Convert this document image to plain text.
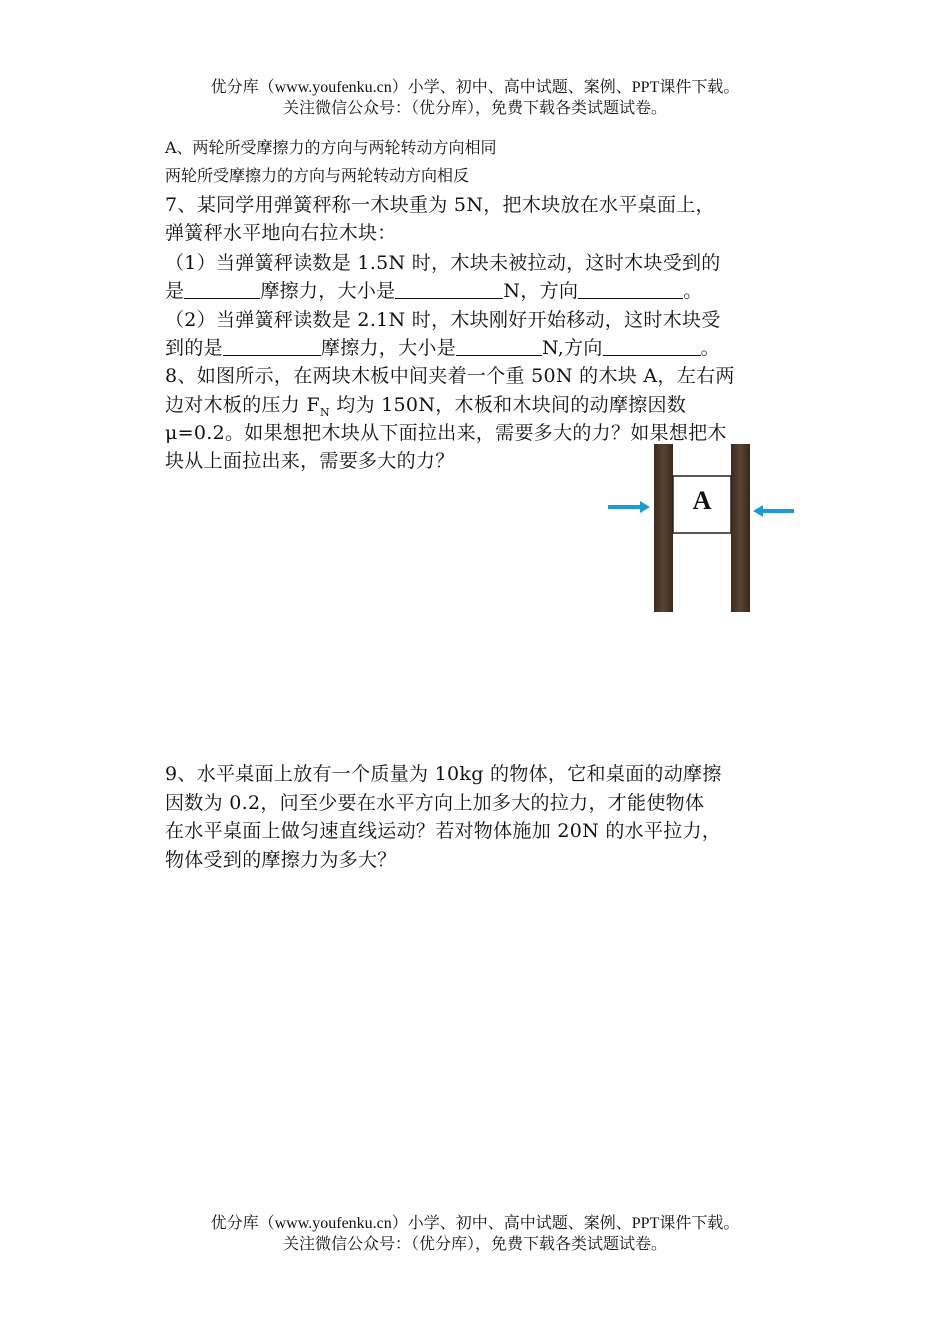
优分库（www.youfenku.cn）小学、初中、高中试题、案例、PPT课件下载。
关注微信公众号：（优分库），免费下载各类试题试卷。
A、两轮所受摩擦力的方向与两轮转动方向相同
两轮所受摩擦力的方向与两轮转动方向相反
7、某同学用弹簧秤称一木块重为 5N，把木块放在水平桌面上，
弹簧秤水平地向右拉木块：
（1）当弹簧秤读数是 1.5N 时，木块未被拉动，这时木块受到的
是	摩擦力，大小是	N，方向	。
（2）当弹簧秤读数是 2.1N 时，木块刚好开始移动，这时木块受
到的是	摩擦力，大小是	N,方向	。
8、如图所示，在两块木板中间夹着一个重 50N 的木块 A，左右两
边对木板的压力 $F_N$ 均为 150N，木板和木块间的动摩擦因数
μ=0.2。如果想把木块从下面拉出来，需要多大的力？如果想把木
块从上面拉出来，需要多大的力？
A
9、水平桌面上放有一个质量为 10kg 的物体，它和桌面的动摩擦
因数为 0.2，问至少要在水平方向上加多大的拉力，才能使物体
在水平桌面上做匀速直线运动？若对物体施加 20N 的水平拉力，
物体受到的摩擦力为多大？
优分库（www.youfenku.cn）小学、初中、高中试题、案例、PPT课件下载。
关注微信公众号：（优分库），免费下载各类试题试卷。
